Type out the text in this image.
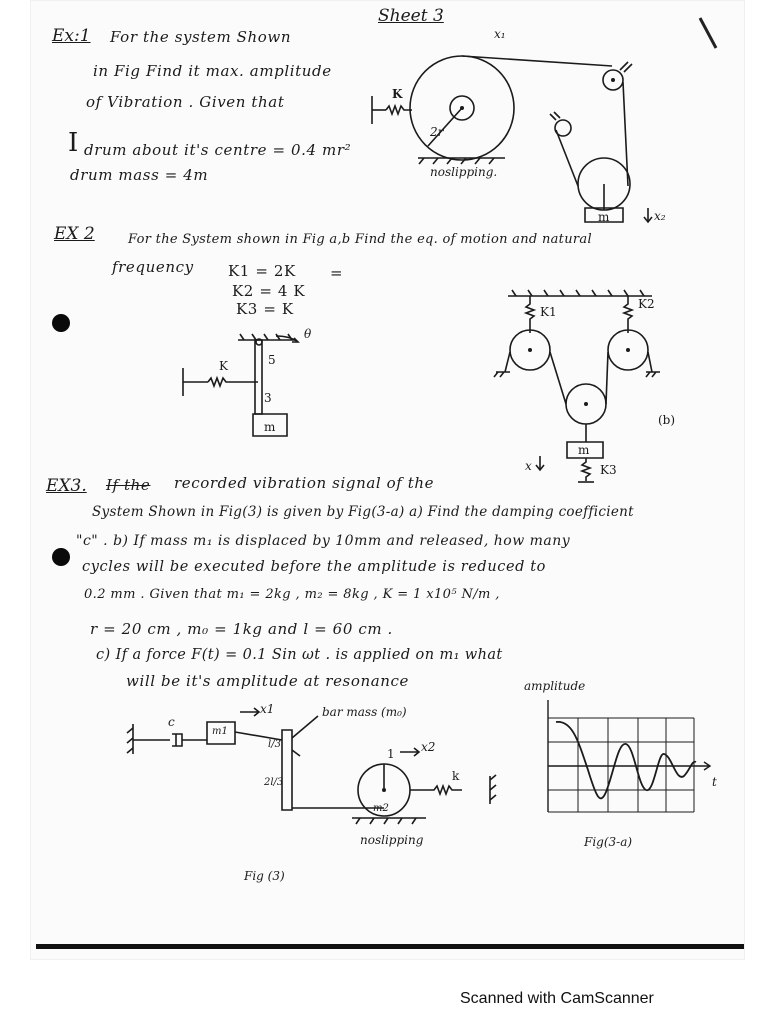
Sheet 3
Ex:1 For the system Shown
in Fig Find it max. amplitude
of Vibration . Given that
I drum about it's centre = 0.4 mr²
drum mass = 4m
K
x₁
2r
m	x₂
noslipping.
EX 2	For the System shown in Fig a,b Find the eq. of motion and natural
frequency K1 = 2K =
K2 = 4 K
K3 = K
K
θ
5
3
m
K1
K2
m
K3
x
(b)
EX3. If the recorded vibration signal of the
System Shown in Fig(3) is given by Fig(3-a) a) Find the damping coefficient
"c" . b) If mass m₁ is displaced by 10mm and released, how many
cycles will be executed before the amplitude is reduced to
0.2 mm . Given that m₁ = 2kg , m₂ = 8kg , K = 1 x10⁵ N/m ,
r = 20 cm , m₀ = 1kg and l = 60 cm .
c) If a force F(t) = 0.1 Sin ωt . is applied on m₁ what
will be it's amplitude at resonance
c
m1
x1	bar mass (m₀)
l/3
2l/3
1 x2
m2
k
noslipping
Fig (3)
amplitude
t
Fig(3-a)
Scanned with CamScanner
